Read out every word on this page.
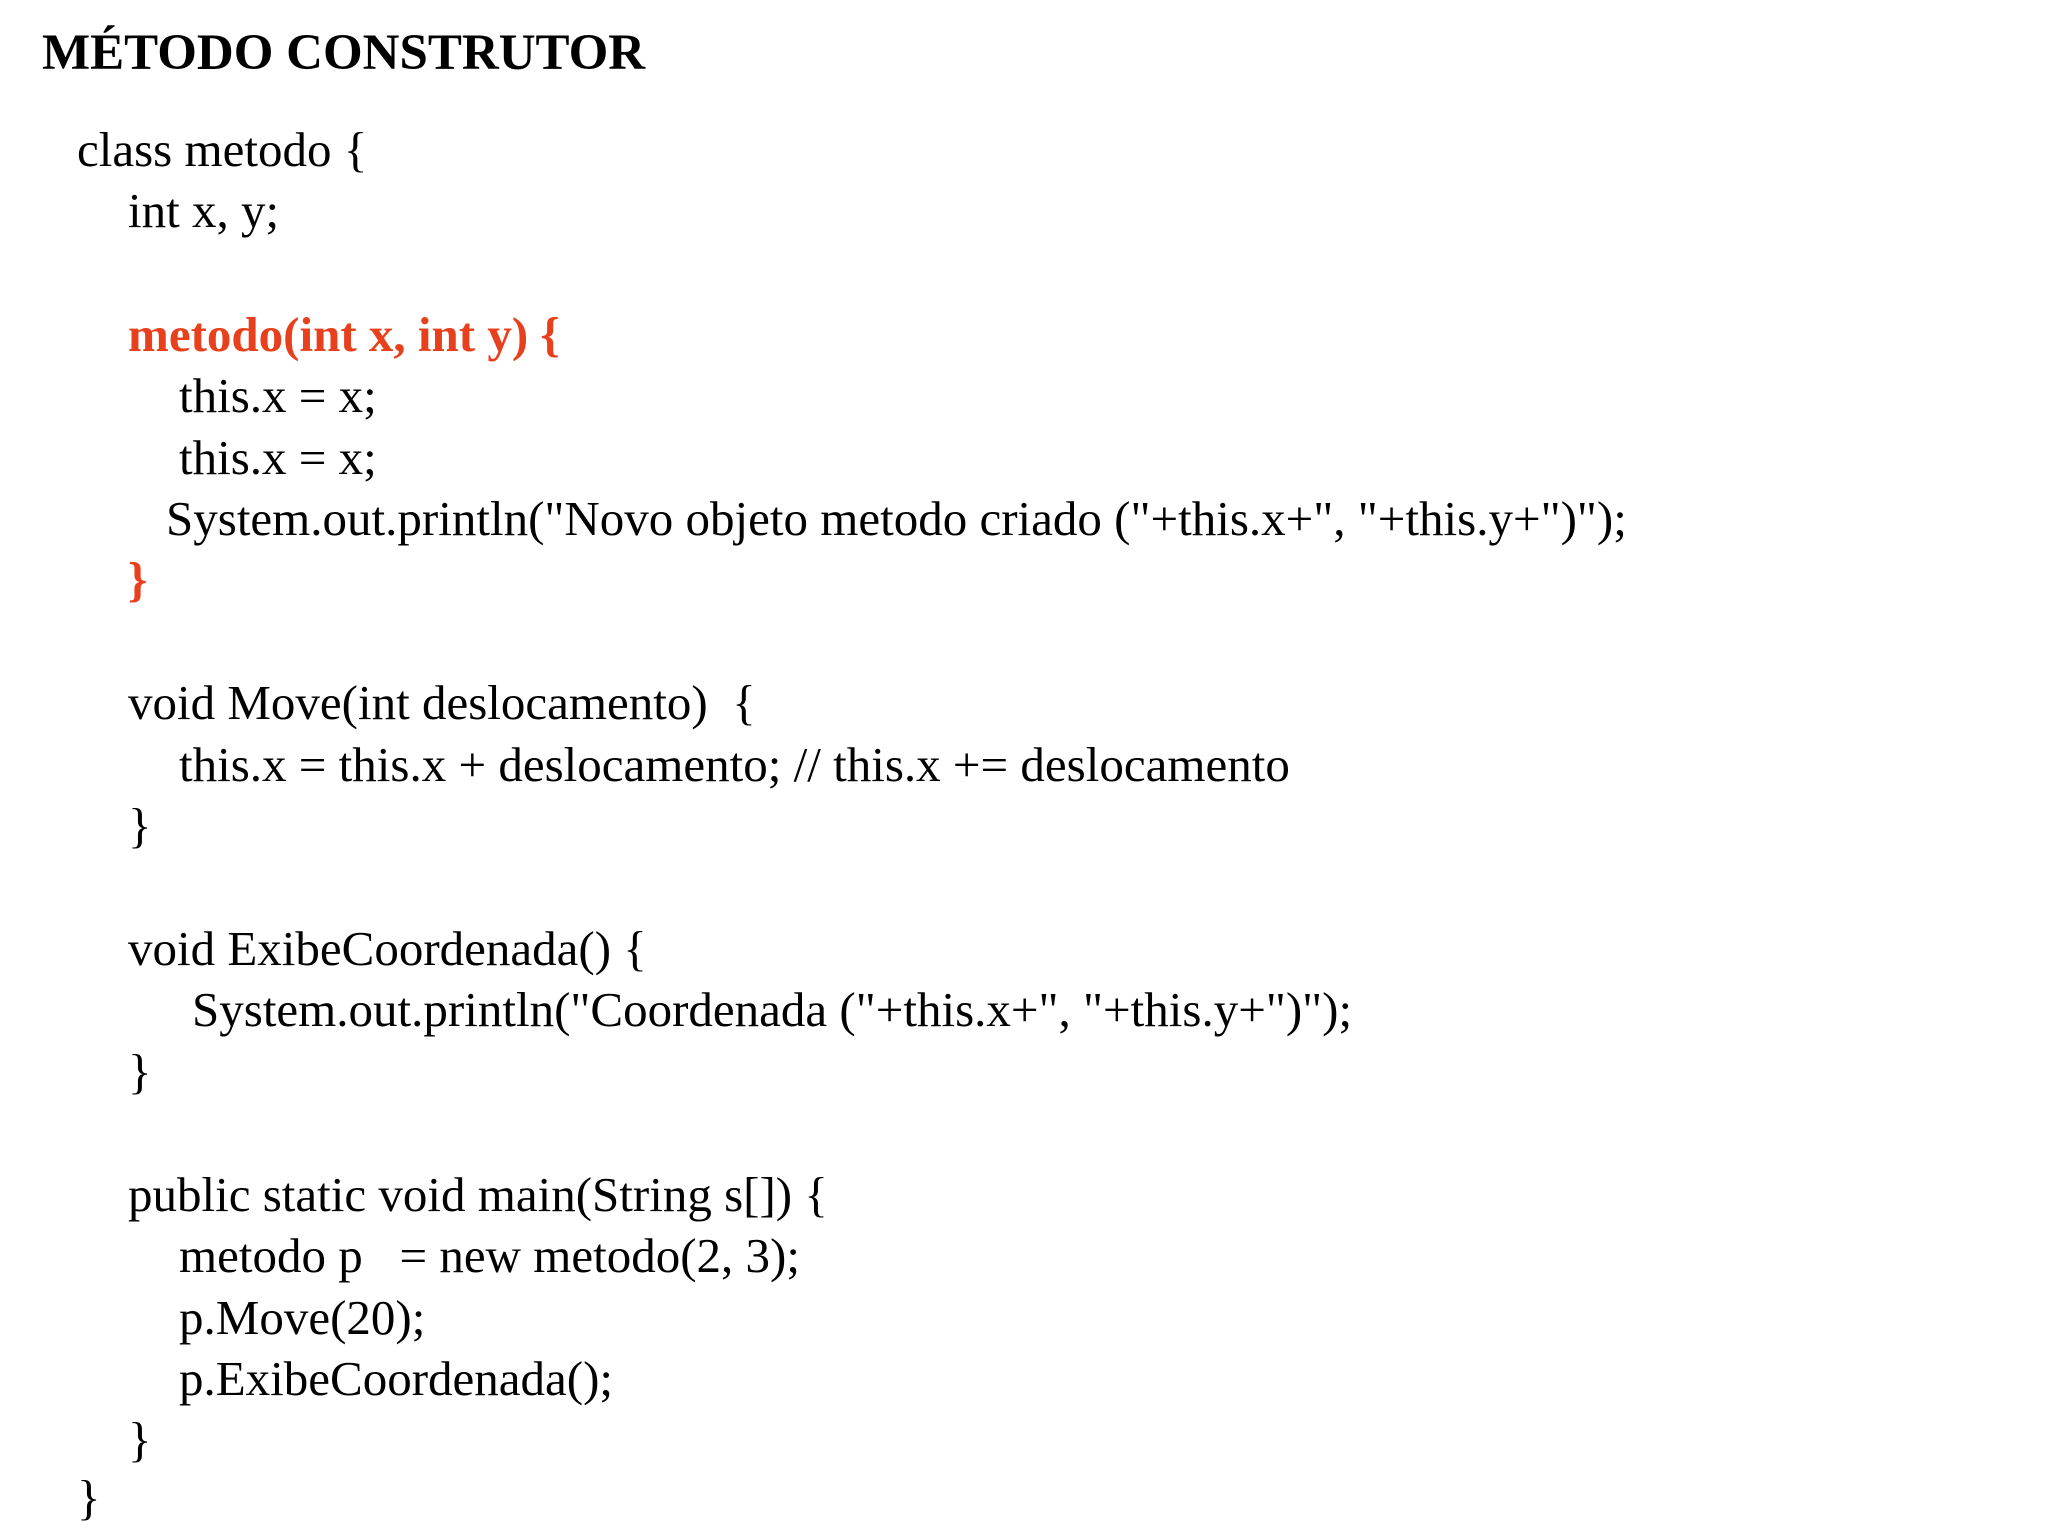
MÉTODO CONSTRUTOR
class metodo {
int x, y;
metodo(int x, int y) {
this.x = x;
this.x = x;
System.out.println("Novo objeto metodo criado ("+this.x+", "+this.y+")");
}
void Move(int deslocamento)  {
this.x = this.x + deslocamento; // this.x += deslocamento
}
void ExibeCoordenada() {
System.out.println("Coordenada ("+this.x+", "+this.y+")");
}
public static void main(String s[]) {
metodo p   = new metodo(2, 3);
p.Move(20);
p.ExibeCoordenada();
}
}
